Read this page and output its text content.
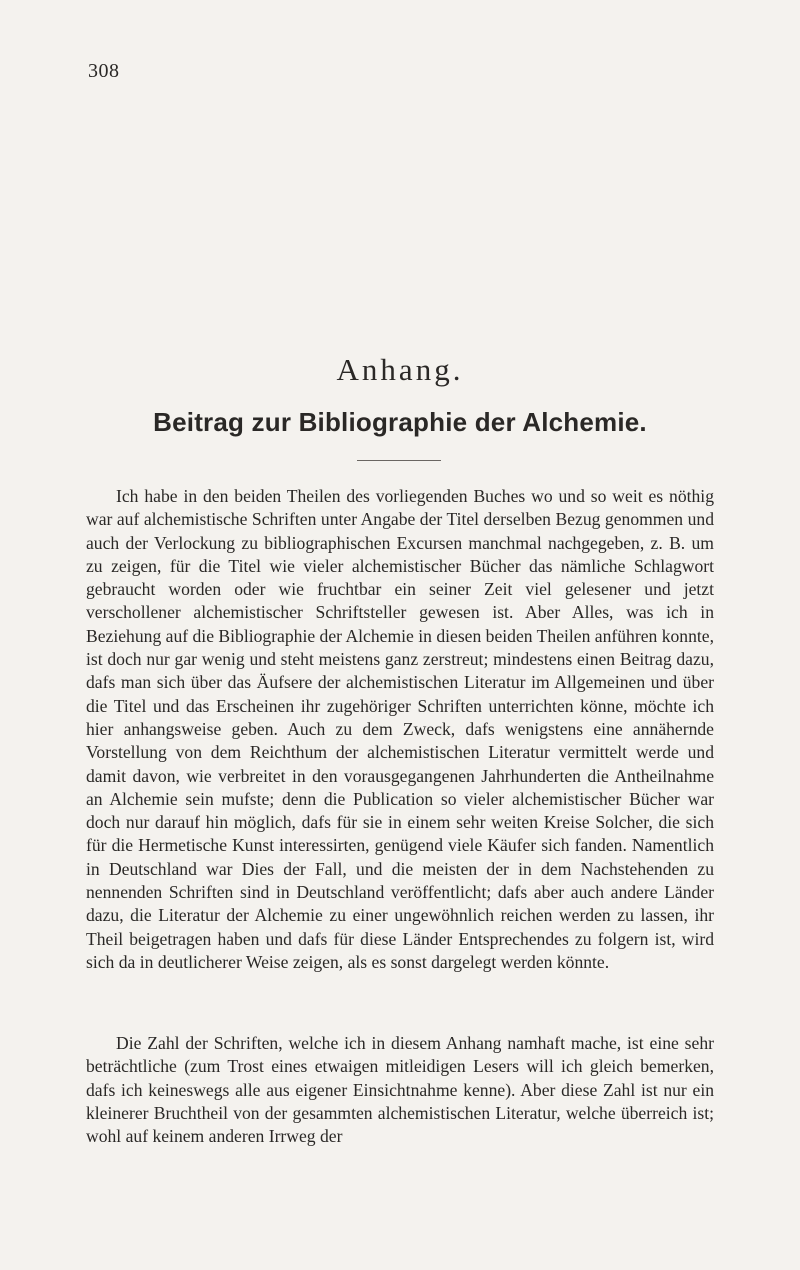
308
Anhang.
Beitrag zur Bibliographie der Alchemie.

Ich habe in den beiden Theilen des vorliegenden Buches wo und so weit es nöthig war auf alchemistische Schriften unter Angabe der Titel derselben Bezug genommen und auch der Verlockung zu bibliographischen Excursen manchmal nachgegeben, z. B. um zu zeigen, für die Titel wie vieler alchemistischer Bücher das nämliche Schlagwort gebraucht worden oder wie fruchtbar ein seiner Zeit viel gelesener und jetzt verschollener alchemistischer Schriftsteller gewesen ist. Aber Alles, was ich in Beziehung auf die Bibliographie der Alchemie in diesen beiden Theilen anführen konnte, ist doch nur gar wenig und steht meistens ganz zerstreut; mindestens einen Beitrag dazu, dafs man sich über das Äufsere der alchemistischen Literatur im Allgemeinen und über die Titel und das Erscheinen ihr zugehöriger Schriften unterrichten könne, möchte ich hier anhangsweise geben. Auch zu dem Zweck, dafs wenigstens eine annähernde Vorstellung von dem Reichthum der alchemistischen Literatur vermittelt werde und damit davon, wie verbreitet in den vorausgegangenen Jahrhunderten die Antheilnahme an Alchemie sein mufste; denn die Publication so vieler alchemistischer Bücher war doch nur darauf hin möglich, dafs für sie in einem sehr weiten Kreise Solcher, die sich für die Hermetische Kunst interessirten, genügend viele Käufer sich fanden. Namentlich in Deutschland war Dies der Fall, und die meisten der in dem Nachstehenden zu nennenden Schriften sind in Deutschland veröffentlicht; dafs aber auch andere Länder dazu, die Literatur der Alchemie zu einer ungewöhnlich reichen werden zu lassen, ihr Theil beigetragen haben und dafs für diese Länder Entsprechendes zu folgern ist, wird sich da in deutlicherer Weise zeigen, als es sonst dargelegt werden könnte.

Die Zahl der Schriften, welche ich in diesem Anhang namhaft mache, ist eine sehr beträchtliche (zum Trost eines etwaigen mitleidigen Lesers will ich gleich bemerken, dafs ich keineswegs alle aus eigener Einsichtnahme kenne). Aber diese Zahl ist nur ein kleinerer Bruchtheil von der gesammten alchemistischen Literatur, welche überreich ist; wohl auf keinem anderen Irrweg der
